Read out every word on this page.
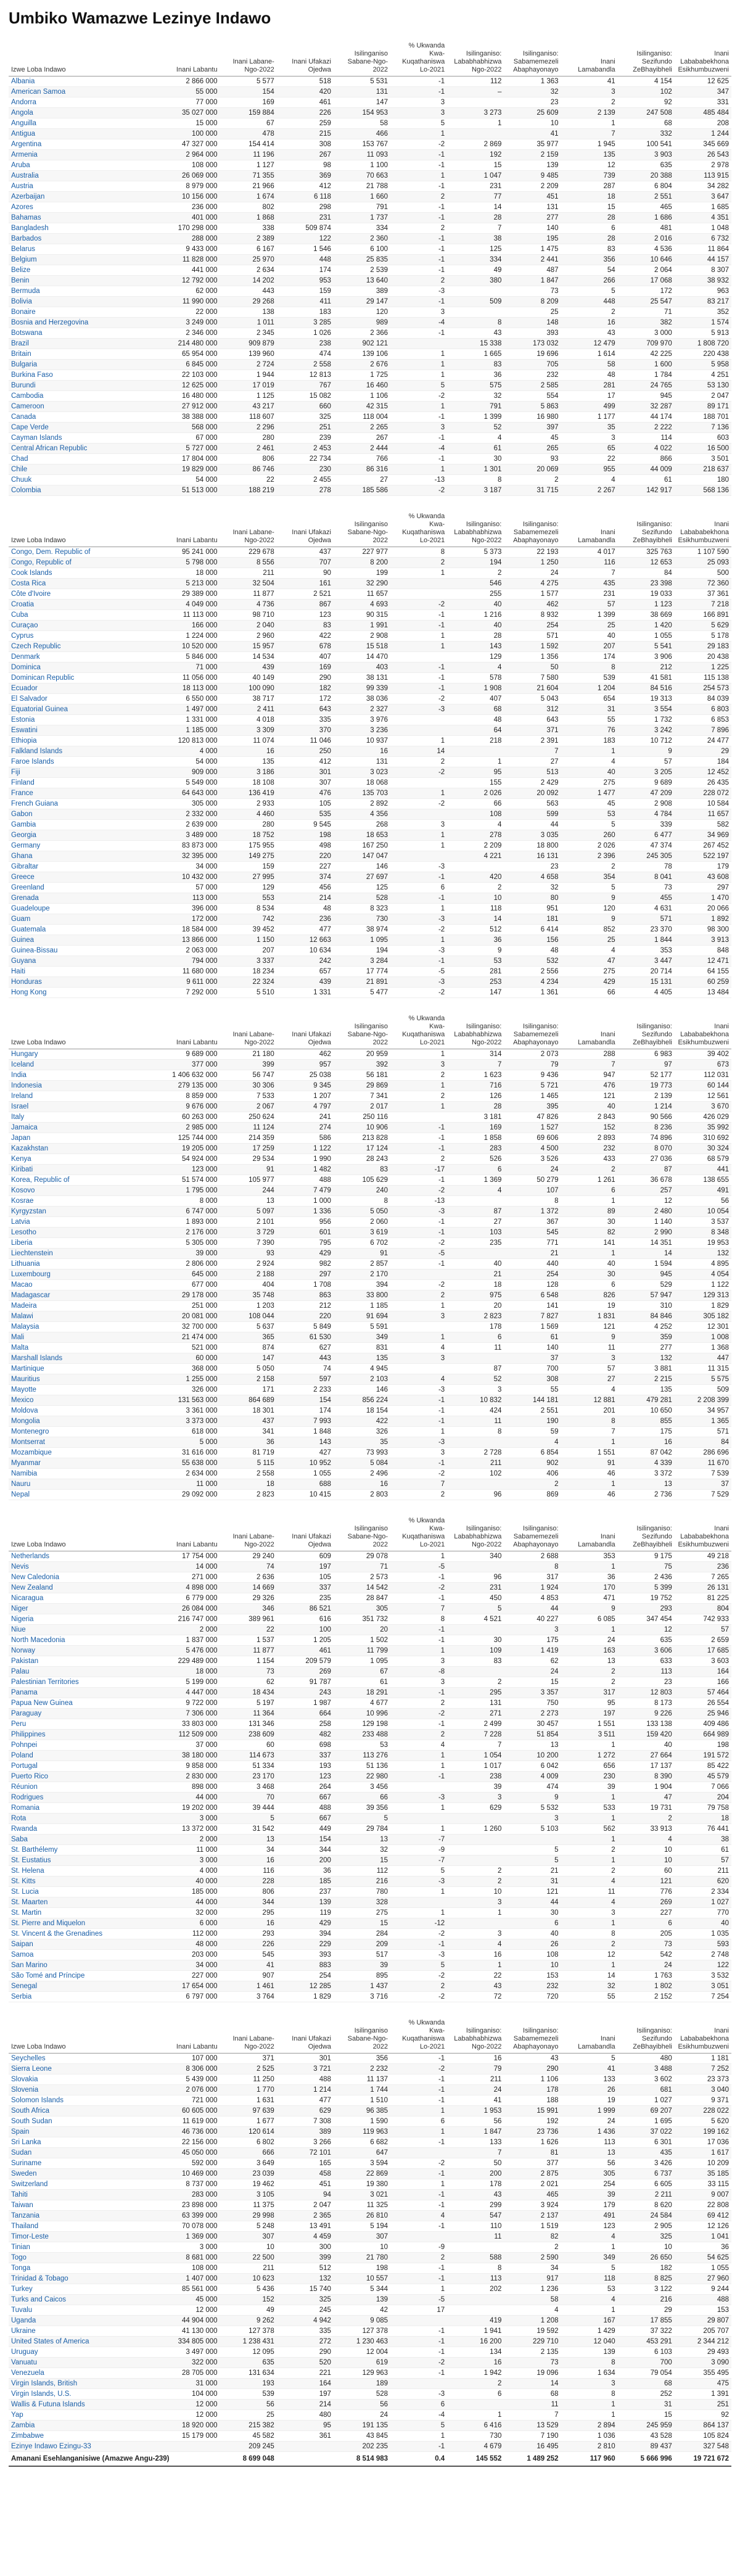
Umbiko Wamazwe Lezinye Indawo
Izwe Loba Indawo	Inani Labantu	Inani Labane-Ngo-2022	Inani Ufakazi Ojedwa	Isilinganiso Sabane-Ngo-2022	% Ukwanda Kwa-Kuqathaniswa Lo-2021	Isilinganiso: Lababhabhizwa Ngo-2022	Isilinganiso: Sabamemezeli Abaphayonayo	Inani Lamabandla	Isilinganiso: Sezifundo ZeBhayibheli	Inani Labababekhona Esikhumbuzweni
Albania	2 866 000	5 577	518	5 531	-1	112	1 363	41	4 154	12 625
American Samoa	55 000	154	420	131	-1	–	32	3	102	347
Andorra	77 000	169	461	147	3		23	2	92	331
Angola	35 027 000	159 884	226	154 953	3	3 273	25 609	2 139	247 508	485 484
Anguilla	15 000	67	259	58	5	1	10	1	68	208
Antigua	100 000	478	215	466	1		41	7	332	1 244
Argentina	47 327 000	154 414	308	153 767	-2	2 869	35 977	1 945	100 541	345 669
Armenia	2 964 000	11 196	267	11 093	-1	192	2 159	135	3 903	26 543
Aruba	108 000	1 127	98	1 100	-1	15	139	12	635	2 978
Australia	26 069 000	71 355	369	70 663	1	1 047	9 485	739	20 388	113 915
Austria	8 979 000	21 966	412	21 788	-1	231	2 209	287	6 804	34 282
Azerbaijan	10 156 000	1 674	6 118	1 660	2	77	451	18	2 551	3 647
Azores	236 000	802	298	791	-1	14	131	15	465	1 685
Bahamas	401 000	1 868	231	1 737	-1	28	277	28	1 686	4 351
Bangladesh	170 298 000	338	509 874	334	2	7	140	6	481	1 048
Barbados	288 000	2 389	122	2 360	-1	38	195	28	2 016	6 732
Belarus	9 433 000	6 167	1 546	6 100	-1	125	1 475	83	4 536	11 864
Belgium	11 828 000	25 970	448	25 835	-1	334	2 441	356	10 646	44 157
Belize	441 000	2 634	174	2 539	-1	49	487	54	2 064	8 307
Benin	12 792 000	14 202	953	13 640	2	380	1 847	266	17 068	38 932
Bermuda	62 000	443	159	389	-3		73	5	172	963
Bolivia	11 990 000	29 268	411	29 147	-1	509	8 209	448	25 547	83 217
Bonaire	22 000	138	183	120	3		25	2	71	352
Bosnia and Herzegovina	3 249 000	1 011	3 285	989	-4	8	148	16	382	1 574
Botswana	2 346 000	2 345	1 026	2 366	-1	43	393	43	3 000	5 913
Brazil	214 480 000	909 879	238	902 121		15 338	173 032	12 479	709 970	1 808 720
Britain	65 954 000	139 960	474	139 106	1	1 665	19 696	1 614	42 225	220 438
Bulgaria	6 845 000	2 724	2 558	2 676	1	83	705	58	1 600	5 958
Burkina Faso	22 103 000	1 944	12 813	1 725	1	36	232	48	1 784	4 251
Burundi	12 625 000	17 019	767	16 460	5	575	2 585	281	24 765	53 130
Cambodia	16 480 000	1 125	15 082	1 106	-2	32	554	17	945	2 047
Cameroon	27 912 000	43 217	660	42 315	1	791	5 863	499	32 287	89 171
Canada	38 388 000	118 607	325	118 004	-1	1 399	16 980	1 177	44 174	188 701
Cape Verde	568 000	2 296	251	2 265	3	52	397	35	2 222	7 136
Cayman Islands	67 000	280	239	267	-1	4	45	3	114	603
Central African Republic	5 727 000	2 461	2 453	2 444	-4	61	265	65	4 022	16 500
Chad	17 804 000	806	22 734	766	-1	30	93	22	866	3 501
Chile	19 829 000	86 746	230	86 316	1	1 301	20 069	955	44 009	218 637
Chuuk	54 000	22	2 455	27	-13	8	2	4	61	180
Colombia	51 513 000	188 219	278	185 586	-2	3 187	31 715	2 267	142 917	568 136
Izwe Loba Indawo	Inani Labantu	Inani Labane-Ngo-2022	Inani Ufakazi Ojedwa	Isilinganiso Sabane-Ngo-2022	% Ukwanda Kwa-Kuqathaniswa Lo-2021	Isilinganiso: Lababhabhizwa Ngo-2022	Isilinganiso: Sabamemezeli Abaphayonayo	Inani Lamabandla	Isilinganiso: Sezifundo ZeBhayibheli	Inani Labababekhona Esikhumbuzweni
Congo, Dem. Republic of	95 241 000	229 678	437	227 977	8	5 373	22 193	4 017	325 763	1 107 590
Congo, Republic of	5 798 000	8 556	707	8 200	2	194	1 250	116	12 653	25 093
Cook Islands	18 000	211	90	199	1	2	24	7	84	500
Costa Rica	5 213 000	32 504	161	32 290		546	4 275	435	23 398	72 360
Côte d'Ivoire	29 389 000	11 877	2 521	11 657		255	1 577	231	19 033	37 361
Croatia	4 049 000	4 736	867	4 693	-2	40	462	57	1 123	7 218
Cuba	11 113 000	98 710	123	90 315	-1	1 216	8 932	1 399	38 669	166 891
Curaçao	166 000	2 040	83	1 991	-1	40	254	25	1 420	5 629
Cyprus	1 224 000	2 960	422	2 908	1	28	571	40	1 055	5 178
Czech Republic	10 520 000	15 957	678	15 518	1	143	1 592	207	5 541	29 183
Denmark	5 846 000	14 534	407	14 470		129	1 356	174	3 906	20 438
Dominica	71 000	439	169	403	-1	4	50	8	212	1 225
Dominican Republic	11 056 000	40 149	290	38 131	-1	578	7 580	539	41 581	115 138
Ecuador	18 113 000	100 090	182	99 339	-1	1 908	21 604	1 204	84 516	254 573
El Salvador	6 550 000	38 717	172	38 036	-2	407	5 043	654	19 313	84 039
Equatorial Guinea	1 497 000	2 411	643	2 327	-3	68	312	31	3 554	6 803
Estonia	1 331 000	4 018	335	3 976		48	643	55	1 732	6 853
Eswatini	1 185 000	3 309	370	3 236		64	371	76	3 242	7 896
Ethiopia	120 813 000	11 074	11 046	10 937	1	218	2 391	183	10 712	24 477
Falkland Islands	4 000	16	250	16	14		7	1	9	29
Faroe Islands	54 000	135	412	131	2	1	27	4	57	184
Fiji	909 000	3 186	301	3 023	-2	95	513	40	3 205	12 452
Finland	5 549 000	18 108	307	18 068		155	2 429	275	9 689	26 435
France	64 643 000	136 419	476	135 703	1	2 026	20 092	1 477	47 209	228 072
French Guiana	305 000	2 933	105	2 892	-2	66	563	45	2 908	10 584
Gabon	2 332 000	4 460	535	4 356		108	599	53	4 784	11 657
Gambia	2 639 000	280	9 545	268	3	4	44	5	339	582
Georgia	3 489 000	18 752	198	18 653	1	278	3 035	260	6 477	34 969
Germany	83 873 000	175 955	498	167 250	1	2 209	18 800	2 026	47 374	267 452
Ghana	32 395 000	149 275	220	147 047		4 221	16 131	2 396	245 305	522 197
Gibraltar	34 000	159	227	146	-3		23	2	78	179
Greece	10 432 000	27 995	374	27 697	-1	420	4 658	354	8 041	43 608
Greenland	57 000	129	456	125	6	2	32	5	73	297
Grenada	113 000	553	214	528	-1	10	80	9	455	1 470
Guadeloupe	396 000	8 534	48	8 323	1	118	951	120	4 631	20 066
Guam	172 000	742	236	730	-3	14	181	9	571	1 892
Guatemala	18 584 000	39 452	477	38 974	-2	512	6 414	852	23 370	98 300
Guinea	13 866 000	1 150	12 663	1 095	1	36	156	25	1 844	3 913
Guinea-Bissau	2 063 000	207	10 634	194	-3	9	48	4	353	848
Guyana	794 000	3 337	242	3 284	-1	53	532	47	3 447	12 471
Haiti	11 680 000	18 234	657	17 774	-5	281	2 556	275	20 714	64 155
Honduras	9 611 000	22 324	439	21 891	-3	253	4 234	429	15 131	60 259
Hong Kong	7 292 000	5 510	1 331	5 477	-2	147	1 361	66	4 405	13 484
Izwe Loba Indawo	Inani Labantu	Inani Labane-Ngo-2022	Inani Ufakazi Ojedwa	Isilinganiso Sabane-Ngo-2022	% Ukwanda Kwa-Kuqathaniswa Lo-2021	Isilinganiso: Lababhabhizwa Ngo-2022	Isilinganiso: Sabamemezeli Abaphayonayo	Inani Lamabandla	Isilinganiso: Sezifundo ZeBhayibheli	Inani Labababekhona Esikhumbuzweni
Hungary	9 689 000	21 180	462	20 959	1	314	2 073	288	6 983	39 402
Iceland	377 000	399	957	392	3	7	79	7	97	673
India	1 406 632 000	56 747	25 038	56 181	2	1 623	9 436	947	52 177	112 031
Indonesia	279 135 000	30 306	9 345	29 869	1	716	5 721	476	19 773	60 144
Ireland	8 859 000	7 533	1 207	7 341	2	126	1 465	121	2 139	12 561
Israel	9 676 000	2 067	4 797	2 017	1	28	395	40	1 214	3 670
Italy	60 263 000	250 624	241	250 116		3 181	47 826	2 843	90 566	426 029
Jamaica	2 985 000	11 124	274	10 906	-1	169	1 527	152	8 236	35 992
Japan	125 744 000	214 359	586	213 828	-1	1 858	69 606	2 893	74 896	310 692
Kazakhstan	19 205 000	17 259	1 122	17 124	-1	283	4 500	232	8 070	30 324
Kenya	54 924 000	29 534	1 990	28 243	2	526	3 526	433	27 036	68 579
Kiribati	123 000	91	1 482	83	-17	6	24	2	87	441
Korea, Republic of	51 574 000	105 977	488	105 629	-1	1 369	50 279	1 261	36 678	138 655
Kosovo	1 795 000	244	7 479	240	-2	4	107	6	257	491
Kosrae	8 000	13	1 000	8	-13		8	1	12	56
Kyrgyzstan	6 747 000	5 097	1 336	5 050	-3	87	1 372	89	2 480	10 054
Latvia	1 893 000	2 101	956	2 060	-1	27	367	30	1 140	3 537
Lesotho	2 176 000	3 729	601	3 619	-1	103	545	82	2 990	8 348
Liberia	5 305 000	7 390	795	6 702	-2	235	771	141	14 351	19 953
Liechtenstein	39 000	93	429	91	-5		21	1	14	132
Lithuania	2 806 000	2 924	982	2 857	-1	40	440	40	1 594	4 895
Luxembourg	645 000	2 188	297	2 170		21	254	30	945	4 054
Macao	677 000	404	1 708	394	-2	18	128	6	529	1 122
Madagascar	29 178 000	35 748	863	33 800	2	975	6 548	826	57 947	129 313
Madeira	251 000	1 203	212	1 185	1	20	141	19	310	1 829
Malawi	20 081 000	108 044	220	91 694	3	2 823	7 827	1 831	84 846	305 182
Malaysia	32 700 000	5 637	5 849	5 591		178	1 569	121	4 252	12 301
Mali	21 474 000	365	61 530	349	1	6	61	9	359	1 008
Malta	521 000	874	627	831	4	11	140	11	277	1 368
Marshall Islands	60 000	147	443	135	3		37	3	132	447
Martinique	368 000	5 050	74	4 945		87	700	57	3 881	11 315
Mauritius	1 255 000	2 158	597	2 103	4	52	308	27	2 215	5 575
Mayotte	326 000	171	2 233	146	-3	3	55	4	135	509
Mexico	131 563 000	864 689	154	856 224	-1	10 832	144 181	12 881	479 281	2 208 399
Moldova	3 361 000	18 301	174	18 154	-1	424	2 551	201	10 650	34 957
Mongolia	3 373 000	437	7 993	422	-1	11	190	8	855	1 365
Montenegro	618 000	341	1 848	326	1	8	59	7	175	571
Montserrat	5 000	36	143	35	-3		4	1	16	84
Mozambique	31 616 000	81 719	427	73 993	3	2 728	6 854	1 551	87 042	286 696
Myanmar	55 638 000	5 115	10 952	5 084	-1	211	902	91	4 339	11 670
Namibia	2 634 000	2 558	1 055	2 496	-2	102	406	46	3 372	7 539
Nauru	11 000	18	688	16	7		2	1	13	37
Nepal	29 092 000	2 823	10 415	2 803	2	96	869	46	2 736	7 529
Izwe Loba Indawo	Inani Labantu	Inani Labane-Ngo-2022	Inani Ufakazi Ojedwa	Isilinganiso Sabane-Ngo-2022	% Ukwanda Kwa-Kuqathaniswa Lo-2021	Isilinganiso: Lababhabhizwa Ngo-2022	Isilinganiso: Sabamemezeli Abaphayonayo	Inani Lamabandla	Isilinganiso: Sezifundo ZeBhayibheli	Inani Labababekhona Esikhumbuzweni
Netherlands	17 754 000	29 240	609	29 078	1	340	2 688	353	9 175	49 218
Nevis	14 000	74	197	71	-5		8	1	75	236
New Caledonia	271 000	2 636	105	2 573	-1	96	317	36	2 436	7 265
New Zealand	4 898 000	14 669	337	14 542	-2	231	1 924	170	5 399	26 131
Nicaragua	6 779 000	29 326	235	28 847	-1	450	4 853	471	19 752	81 225
Niger	26 084 000	346	86 521	305	7	5	44	9	293	804
Nigeria	216 747 000	389 961	616	351 732	8	4 521	40 227	6 085	347 454	742 933
Niue	2 000	22	100	20	-1		3	1	12	57
North Macedonia	1 837 000	1 537	1 205	1 502	-1	30	175	24	635	2 659
Norway	5 476 000	11 877	461	11 799	1	109	1 419	163	3 606	17 685
Pakistan	229 489 000	1 154	209 579	1 095	3	83	62	13	633	3 603
Palau	18 000	73	269	67	-8		24	2	113	164
Palestinian Territories	5 199 000	62	91 787	61	3	2	15	2	23	166
Panama	4 447 000	18 434	243	18 291	-1	295	3 357	317	12 803	57 464
Papua New Guinea	9 722 000	5 197	1 987	4 677	2	131	750	95	8 173	26 554
Paraguay	7 306 000	11 364	664	10 996	-2	271	2 273	197	9 226	25 946
Peru	33 803 000	131 346	258	129 198	-1	2 499	30 457	1 551	133 138	409 486
Philippines	112 509 000	238 609	482	233 488	2	7 228	51 854	3 511	159 420	664 989
Pohnpei	37 000	60	698	53	4	7	13	1	40	198
Poland	38 180 000	114 673	337	113 276	1	1 054	10 200	1 272	27 664	191 572
Portugal	9 858 000	51 334	193	51 136	1	1 017	6 042	656	17 137	85 422
Puerto Rico	2 830 000	23 170	123	22 980	-1	238	4 009	230	8 390	45 579
Réunion	898 000	3 468	264	3 456		39	474	39	1 904	7 066
Rodrigues	44 000	70	667	66	-3	3	9	1	47	204
Romania	19 202 000	39 444	488	39 356	1	629	5 532	533	19 731	79 758
Rota	3 000	5	667	5			3	1	2	18
Rwanda	13 372 000	31 542	449	29 784	1	1 260	5 103	562	33 913	76 441
Saba	2 000	13	154	13	-7			1	4	38
St. Barthélemy	11 000	34	344	32	-9		5	2	10	61
St. Eustatius	3 000	16	200	15	-7		5	1	10	57
St. Helena	4 000	116	36	112	5	2	21	2	60	211
St. Kitts	40 000	228	185	216	-3	2	31	4	121	620
St. Lucia	185 000	806	237	780	1	10	121	11	776	2 334
St. Maarten	44 000	344	139	328		3	44	4	269	1 027
St. Martin	32 000	295	119	275	1	1	30	3	227	770
St. Pierre and Miquelon	6 000	16	429	15	-12		6	1	6	40
St. Vincent & the Grenadines	112 000	293	394	284	-2	3	40	8	205	1 035
Saipan	48 000	226	229	209	-1	4	26	2	73	593
Samoa	203 000	545	393	517	-3	16	108	12	542	2 748
San Marino	34 000	41	883	39	5	1	10	1	24	122
São Tomé and Príncipe	227 000	907	254	895	-2	22	153	14	1 763	3 532
Senegal	17 654 000	1 461	12 285	1 437	2	43	232	32	1 802	3 051
Serbia	6 797 000	3 764	1 829	3 716	-2	72	720	55	2 152	7 254
Izwe Loba Indawo	Inani Labantu	Inani Labane-Ngo-2022	Inani Ufakazi Ojedwa	Isilinganiso Sabane-Ngo-2022	% Ukwanda Kwa-Kuqathaniswa Lo-2021	Isilinganiso: Lababhabhizwa Ngo-2022	Isilinganiso: Sabamemezeli Abaphayonayo	Inani Lamabandla	Isilinganiso: Sezifundo ZeBhayibheli	Inani Labababekhona Esikhumbuzweni
Seychelles	107 000	371	301	356	-1	16	43	5	480	1 181
Sierra Leone	8 306 000	2 525	3 721	2 232	-2	79	290	41	3 488	7 252
Slovakia	5 439 000	11 250	488	11 137	-1	211	1 106	133	3 602	23 373
Slovenia	2 076 000	1 770	1 214	1 744	-1	24	178	26	681	3 040
Solomon Islands	721 000	1 631	477	1 510	-1	41	188	19	1 027	9 371
South Africa	60 605 000	97 639	629	96 385	1	1 953	15 991	1 999	69 207	228 022
South Sudan	11 619 000	1 677	7 308	1 590	6	56	192	24	1 695	5 620
Spain	46 736 000	120 614	389	119 963	1	1 847	23 736	1 436	37 022	199 162
Sri Lanka	22 156 000	6 802	3 266	6 682	-1	133	1 626	113	6 301	17 036
Sudan	45 050 000	666	72 101	647		7	81	13	435	1 617
Suriname	592 000	3 649	165	3 594	-2	50	377	56	3 426	10 209
Sweden	10 469 000	23 039	458	22 869	-1	200	2 875	305	6 737	35 185
Switzerland	8 737 000	19 462	451	19 380	1	178	2 021	254	6 605	33 115
Tahiti	283 000	3 105	94	3 021	-1	43	465	39	2 211	9 007
Taiwan	23 898 000	11 375	2 047	11 325	-1	299	3 924	179	8 620	22 808
Tanzania	63 399 000	29 998	2 365	26 810	4	547	2 137	491	24 584	69 412
Thailand	70 078 000	5 248	13 491	5 194	-1	110	1 519	123	2 905	12 126
Timor-Leste	1 369 000	307	4 459	307		11	82	4	325	1 041
Tinian	3 000	10	300	10	-9		2	1	10	36
Togo	8 681 000	22 500	399	21 780	2	588	2 590	349	26 650	54 625
Tonga	108 000	211	512	198	-1	8	34	5	182	1 055
Trinidad & Tobago	1 407 000	10 623	132	10 557	-1	113	917	118	8 825	27 960
Turkey	85 561 000	5 436	15 740	5 344	1	202	1 236	53	3 122	9 244
Turks and Caicos	45 000	152	325	139	-5		58	4	216	488
Tuvalu	12 000	49	245	42	17		4	1	29	153
Uganda	44 904 000	9 262	4 942	9 085		419	1 208	167	17 855	29 807
Ukraine	41 130 000	127 378	335	127 378	-1	1 941	19 592	1 429	37 322	205 707
United States of America	334 805 000	1 238 431	272	1 230 463	-1	16 200	229 710	12 040	453 291	2 344 212
Uruguay	3 497 000	12 095	290	12 004	-1	134	2 135	139	6 103	29 493
Vanuatu	322 000	635	520	619	-2	16	73	8	700	3 090
Venezuela	28 705 000	131 634	221	129 963	-1	1 942	19 096	1 634	79 054	355 495
Virgin Islands, British	31 000	193	164	189		2	14	3	68	475
Virgin Islands, U.S.	104 000	539	197	528	-3	6	68	8	252	1 391
Wallis & Futuna Islands	12 000	56	214	56	6		11	1	31	251
Yap	12 000	25	480	24	-4	1	7	1	15	92
Zambia	18 920 000	215 382	95	191 135	5	6 416	13 529	2 894	245 959	864 137
Zimbabwe	15 179 000	45 582	361	43 845	1	730	7 190	1 036	43 528	105 824
Ezinye Indawo Ezingu-33		209 245		202 235	-1	4 679	16 495	2 810	89 437	327 548
Amanani Esehlanganisiwe (Amazwe Angu-239)		8 699 048		8 514 983	0.4	145 552	1 489 252	117 960	5 666 996	19 721 672
